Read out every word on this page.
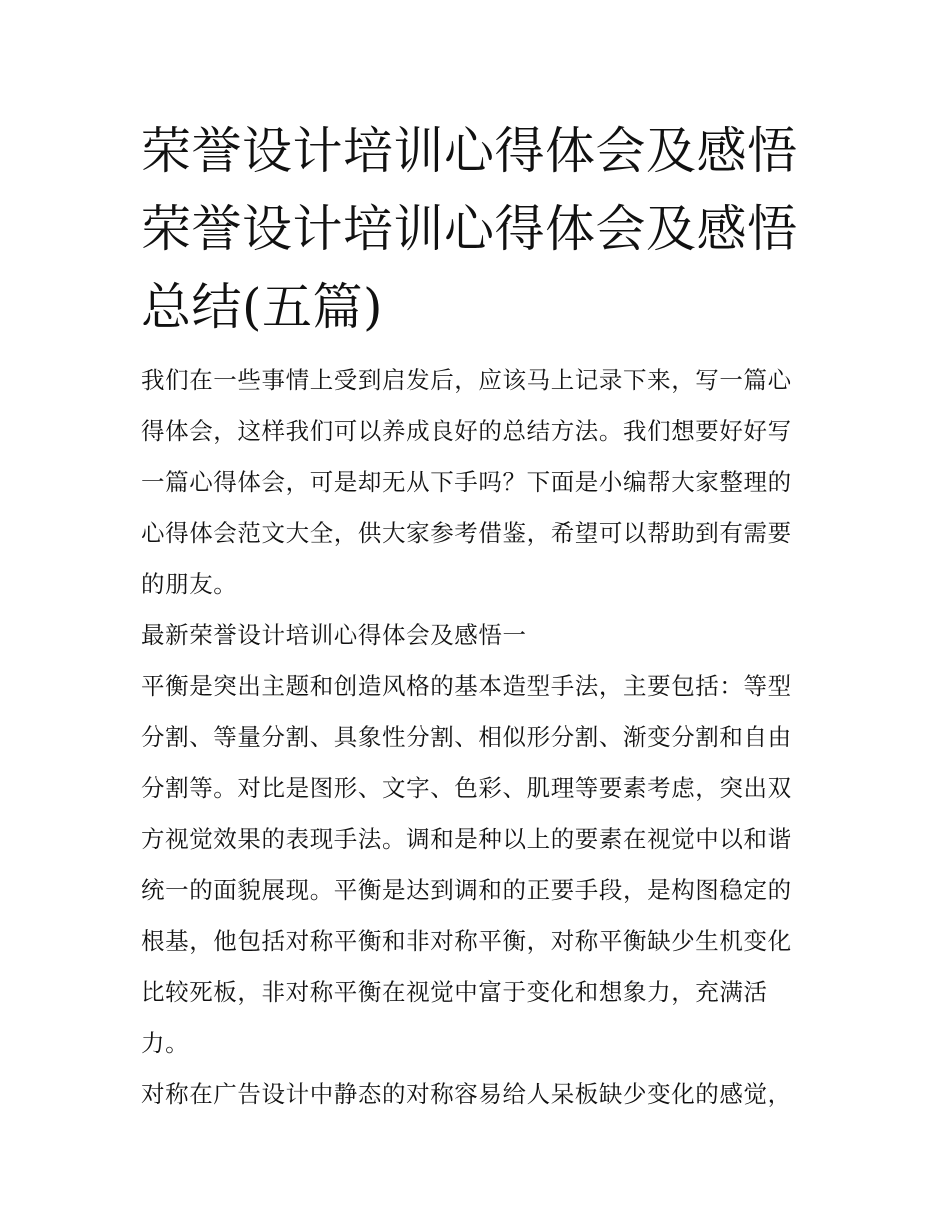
荣誉设计培训心得体会及感悟
荣誉设计培训心得体会及感悟
总结(五篇)

我们在一些事情上受到启发后，应该马上记录下来，写一篇心
得体会，这样我们可以养成良好的总结方法。我们想要好好写
一篇心得体会，可是却无从下手吗？下面是小编帮大家整理的
心得体会范文大全，供大家参考借鉴，希望可以帮助到有需要
的朋友。

最新荣誉设计培训心得体会及感悟一

平衡是突出主题和创造风格的基本造型手法，主要包括：等型
分割、等量分割、具象性分割、相似形分割、渐变分割和自由
分割等。对比是图形、文字、色彩、肌理等要素考虑，突出双
方视觉效果的表现手法。调和是种以上的要素在视觉中以和谐
统一的面貌展现。平衡是达到调和的正要手段，是构图稳定的
根基，他包括对称平衡和非对称平衡，对称平衡缺少生机变化
比较死板，非对称平衡在视觉中富于变化和想象力，充满活
力。

对称在广告设计中静态的对称容易给人呆板缺少变化的感觉，
